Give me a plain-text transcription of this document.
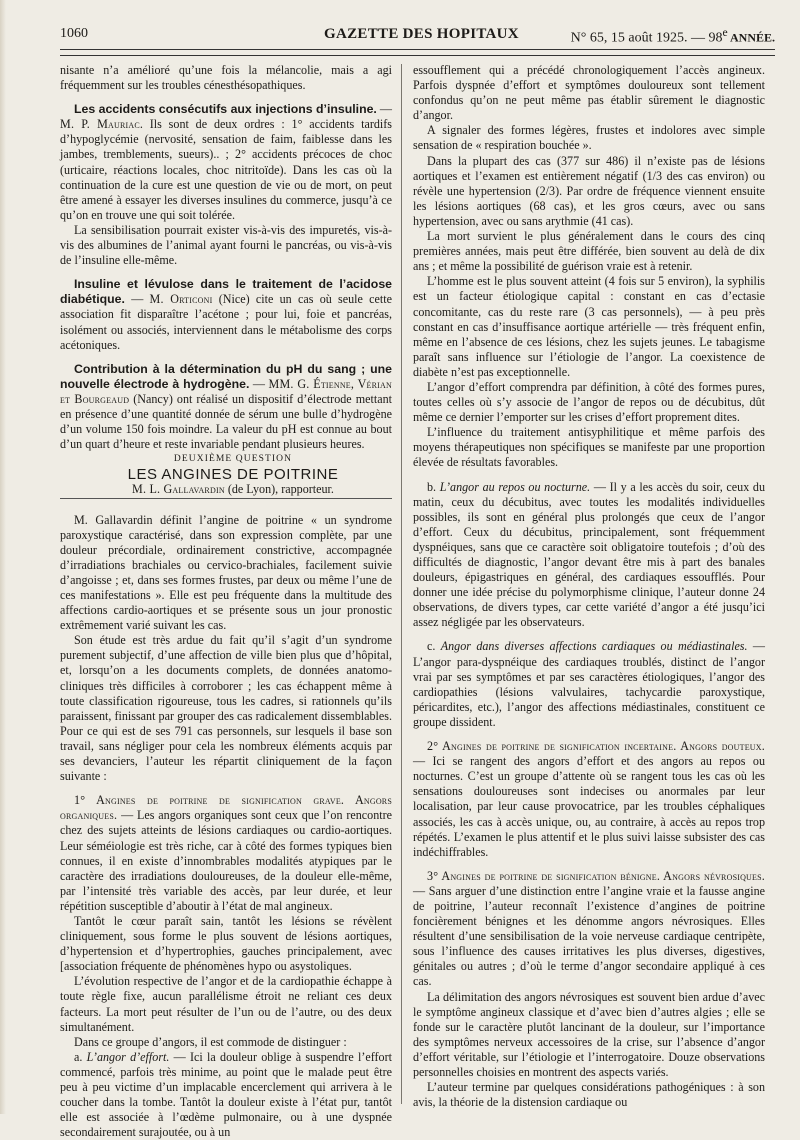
1060	GAZETTE DES HOPITAUX	N° 65, 15 août 1925. — 98e ANNÉE.

nisante n’a amélioré qu’une fois la mélancolie, mais a agi fréquemment sur les troubles cénesthésopathiques.

Les accidents consécutifs aux injections d’insuline. — M. P. Mauriac. Ils sont de deux ordres : 1° accidents tardifs d’hypoglycémie (nervosité, sensation de faim, faiblesse dans les jambes, tremblements, sueurs).. ; 2° accidents précoces de choc (urticaire, réactions locales, choc nitritoïde). Dans les cas où la continuation de la cure est une question de vie ou de mort, on peut être amené à essayer les diverses insulines du commerce, jusqu’à ce qu’on en trouve une qui soit tolérée.

La sensibilisation pourrait exister vis-à-vis des impuretés, vis-à-vis des albumines de l’animal ayant fourni le pancréas, ou vis-à-vis de l’insuline elle-même.

Insuline et lévulose dans le traitement de l’acidose diabétique. — M. Orticoni (Nice) cite un cas où seule cette association fit disparaître l’acétone ; pour lui, foie et pancréas, isolément ou associés, interviennent dans le métabolisme des corps acétoniques.

Contribution à la détermination du pH du sang ; une nouvelle électrode à hydrogène. — MM. G. Étienne, Vérian et Bourgeaud (Nancy) ont réalisé un dispositif d’électrode mettant en présence d’une quantité donnée de sérum une bulle d’hydrogène d’un volume 150 fois moindre. La valeur du pH est connue au bout d’un quart d’heure et reste invariable pendant plusieurs heures.

DEUXIÈME QUESTION

LES ANGINES DE POITRINE

M. L. Gallavardin (de Lyon), rapporteur.

M. Gallavardin définit l’angine de poitrine « un syndrome paroxystique caractérisé, dans son expression complète, par une douleur précordiale, ordinairement constrictive, accompagnée d’irradiations brachiales ou cervico-brachiales, facilement suivie d’angoisse ; et, dans ses formes frustes, par deux ou même l’une de ces manifestations ». Elle est peu fréquente dans la multitude des affections cardio-aortiques et se présente sous un jour pronostic extrêmement varié suivant les cas.

Son étude est très ardue du fait qu’il s’agit d’un syndrome purement subjectif, d’une affection de ville bien plus que d’hôpital, et, lorsqu’on a les documents complets, de données anatomo-cliniques très difficiles à corroborer ; les cas échappent même à toute classification rigoureuse, tous les cadres, si rationnels qu’ils paraissent, finissant par grouper des cas radicalement dissemblables. Pour ce qui est de ses 791 cas personnels, sur lesquels il base son travail, sans négliger pour cela les nombreux éléments acquis par ses devanciers, l’auteur les répartit cliniquement de la façon suivante :

1° Angines de poitrine de signification grave. Angors organiques. — Les angors organiques sont ceux que l’on rencontre chez des sujets atteints de lésions cardiaques ou cardio-aortiques. Leur séméiologie est très riche, car à côté des formes typiques bien connues, il en existe d’innombrables modalités atypiques par le caractère des irradiations douloureuses, de la douleur elle-même, par l’intensité très variable des accès, par leur durée, et leur répétition susceptible d’aboutir à l’état de mal angineux.

Tantôt le cœur paraît sain, tantôt les lésions se révèlent cliniquement, sous forme le plus souvent de lésions aortiques, d’hypertension et d’hypertrophies, gauches principalement, avec [association fréquente de phénomènes hypo ou asystoliques.

L’évolution respective de l’angor et de la cardiopathie échappe à toute règle fixe, aucun parallélisme étroit ne reliant ces deux facteurs. La mort peut résulter de l’un ou de l’autre, ou des deux simultanément.

Dans ce groupe d’angors, il est commode de distinguer :

a. L’angor d’effort. — Ici la douleur oblige à suspendre l’effort commencé, parfois très minime, au point que le malade peut être peu à peu victime d’un implacable encerclement qui arrivera à le coucher dans la tombe. Tantôt la douleur existe à l’état pur, tantôt elle est associée à l’œdème pulmonaire, ou à une dyspnée secondairement surajoutée, ou à un

essoufflement qui a précédé chronologiquement l’accès angineux. Parfois dyspnée d’effort et symptômes douloureux sont tellement confondus qu’on ne peut même pas établir sûrement le diagnostic d’angor.

A signaler des formes légères, frustes et indolores avec simple sensation de « respiration bouchée ».

Dans la plupart des cas (377 sur 486) il n’existe pas de lésions aortiques et l’examen est entièrement négatif (1/3 des cas environ) ou révèle une hypertension (2/3). Par ordre de fréquence viennent ensuite les lésions aortiques (68 cas), et les gros cœurs, avec ou sans hypertension, avec ou sans arythmie (41 cas).

La mort survient le plus généralement dans le cours des cinq premières années, mais peut être différée, bien souvent au delà de dix ans ; et même la possibilité de guérison vraie est à retenir.

L’homme est le plus souvent atteint (4 fois sur 5 environ), la syphilis est un facteur étiologique capital : constant en cas d’ectasie concomitante, cas du reste rare (3 cas personnels), — à peu près constant en cas d’insuffisance aortique artérielle — très fréquent enfin, même en l’absence de ces lésions, chez les sujets jeunes. Le tabagisme paraît sans influence sur l’étiologie de l’angor. La coexistence de diabète n’est pas exceptionnelle.

L’angor d’effort comprendra par définition, à côté des formes pures, toutes celles où s’y associe de l’angor de repos ou de décubitus, dût même ce dernier l’emporter sur les crises d’effort proprement dites.

L’influence du traitement antisyphilitique et même parfois des moyens thérapeutiques non spécifiques se manifeste par une proportion élevée de résultats favorables.

b. L’angor au repos ou nocturne. — Il y a les accès du soir, ceux du matin, ceux du décubitus, avec toutes les modalités individuelles possibles, ils sont en général plus prolongés que ceux de l’angor d’effort. Ceux du décubitus, principalement, sont fréquemment dyspnéiques, sans que ce caractère soit obligatoire toutefois ; d’où des difficultés de diagnostic, l’angor devant être mis à part des banales douleurs, épigastriques en général, des cardiaques essoufflés. Pour donner une idée précise du polymorphisme clinique, l’auteur donne 24 observations, de divers types, car cette variété d’angor a été jusqu’ici assez négligée par les observateurs.

c. Angor dans diverses affections cardiaques ou médiastinales. — L’angor para-dyspnéique des cardiaques troublés, distinct de l’angor vrai par ses symptômes et par ses caractères étiologiques, l’angor des cardiopathies (lésions valvulaires, tachycardie paroxystique, péricardites, etc.), l’angor des affections médiastinales, constituent ce groupe dissident.

2° Angines de poitrine de signification incertaine. Angors douteux. — Ici se rangent des angors d’effort et des angors au repos ou nocturnes. C’est un groupe d’attente où se rangent tous les cas où les sensations douloureuses sont indecises ou anormales par leur localisation, par leur cause provocatrice, par les troubles céphaliques associés, les cas à accès unique, ou, au contraire, à accès au repos trop répétés. L’examen le plus attentif et le plus suivi laisse subsister des cas indéchiffrables.

3° Angines de poitrine de signification bénigne. Angors névrosiques. — Sans arguer d’une distinction entre l’angine vraie et la fausse angine de poitrine, l’auteur reconnaît l’existence d’angines de poitrine foncièrement bénignes et les dénomme angors névrosiques. Elles résultent d’une sensibilisation de la voie nerveuse cardiaque centripète, sous l’influence des causes irritatives les plus diverses, digestives, génitales ou autres ; d’où le terme d’angor secondaire appliqué à ces cas.

La délimitation des angors névrosiques est souvent bien ardue d’avec le symptôme angineux classique et d’avec bien d’autres algies ; elle se fonde sur le caractère plutôt lancinant de la douleur, sur l’importance des symptômes nerveux accessoires de la crise, sur l’absence d’angor d’effort véritable, sur l’étiologie et l’interrogatoire. Douze observations personnelles choisies en montrent des aspects variés.

L’auteur termine par quelques considérations pathogéniques : à son avis, la théorie de la distension cardiaque ou
